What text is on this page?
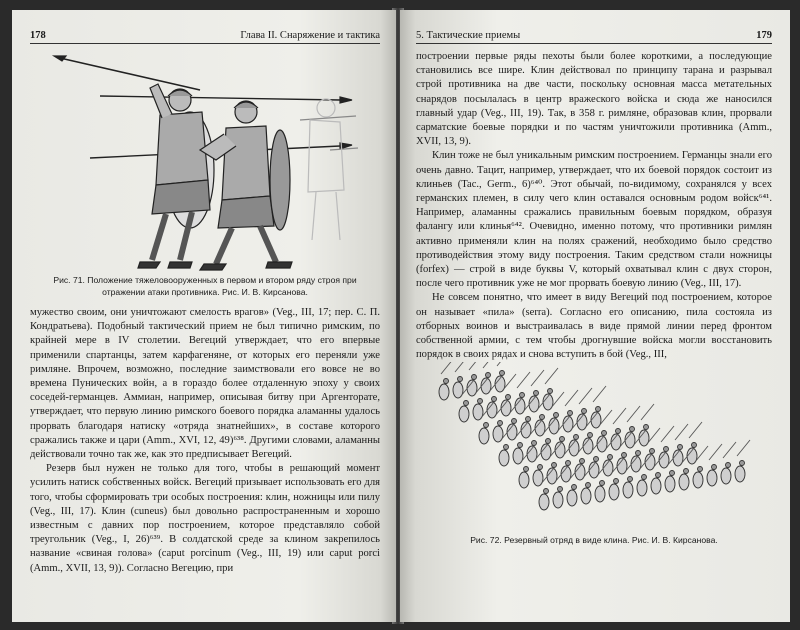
178	Глава II. Снаряжение и тактика
Рис. 71. Положение тяжеловооруженных в первом и втором ряду строя при отражении атаки противника. Рис. И. В. Кирсанова.

мужество своим, они уничтожают смелость врагов» (Veg., III, 17; пер. С. П. Кондратьева). Подобный тактический прием не был типично римским, по крайней мере в IV столетии. Вегеций утверждает, что его впервые применили спартанцы, затем карфагеняне, от которых его переняли уже римляне. Впрочем, возможно, последние заимствовали его вовсе не во времена Пунических войн, а в гораздо более отдаленную эпоху у своих соседей-германцев. Аммиан, например, описывая битву при Аргенторате, утверждает, что первую линию римского боевого порядка аламанны удалось прорвать благодаря натиску «отряда знатнейших», в составе которого сражались также и цари (Amm., XVI, 12, 49)⁶³⁸. Другими словами, аламанны действовали точно так же, как это предписывает Вегеций.

Резерв был нужен не только для того, чтобы в решающий момент усилить натиск собственных войск. Вегеций призывает использовать его для того, чтобы сформировать три особых построения: клин, ножницы или пилу (Veg., III, 17). Клин (cuneus) был довольно распространенным и хорошо известным с давних пор построением, которое представляло собой треугольник (Veg., I, 26)⁶³⁹. В солдатской среде за клином закрепилось название «свиная голова» (caput porcinum (Veg., III, 19) или caput porci (Amm., XVII, 13, 9)). Согласно Вегецию, при

5. Тактические приемы	179

построении первые ряды пехоты были более короткими, а последующие становились все шире. Клин действовал по принципу тарана и разрывал строй противника на две части, поскольку основная масса метательных снарядов посылалась в центр вражеского войска и сюда же наносился главный удар (Veg., III, 19). Так, в 358 г. римляне, образовав клин, прорвали сарматские боевые порядки и по частям уничтожили противника (Amm., XVII, 13, 9).

Клин тоже не был уникальным римским построением. Германцы знали его очень давно. Тацит, например, утверждает, что их боевой порядок состоит из клиньев (Tac., Germ., 6)⁶⁴⁰. Этот обычай, по-видимому, сохранялся у всех германских племен, в силу чего клин оставался основным родом войск⁶⁴¹. Например, аламанны сражались правильным боевым порядком, образуя фалангу или клинья⁶⁴². Очевидно, именно потому, что противники римлян активно применяли клин на полях сражений, необходимо было средство противодействия этому виду построения. Таким средством стали ножницы (forfex) — строй в виде буквы V, который охватывал клин с двух сторон, после чего противник уже не мог прорвать боевую линию (Veg., III, 17).

Не совсем понятно, что имеет в виду Вегеций под построением, которое он называет «пила» (serra). Согласно его описанию, пила состояла из отборных воинов и выстраивалась в виде прямой линии перед фронтом собственной армии, с тем чтобы дрогнувшие войска могли восстановить порядок в своих рядах и снова вступить в бой (Veg., III,

Рис. 72. Резервный отряд в виде клина. Рис. И. В. Кирсанова.
